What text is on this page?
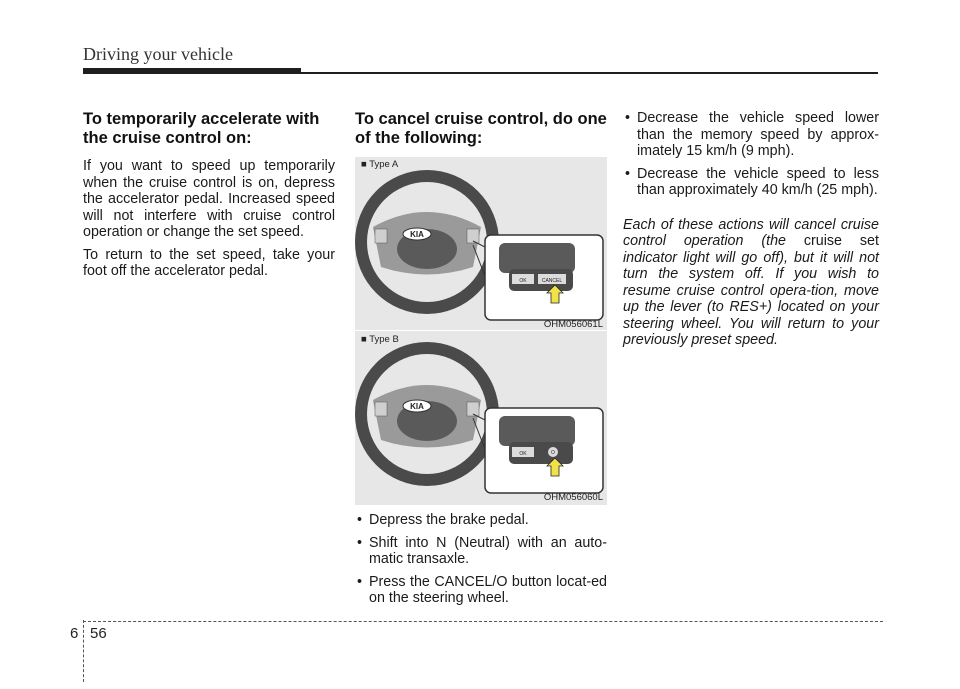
Driving your vehicle
To temporarily accelerate with the cruise control on:

If you want to speed up temporarily when the cruise control is on, depress the accelerator pedal. Increased speed will not interfere with cruise control operation or change the set speed.

To return to the set speed, take your foot off the accelerator pedal.

To cancel cruise control, do one of the following:
KIA
OK	CANCEL
■ Type A
OHM056061L
KIA
OK	O
■ Type B
OHM056060L
• Depress the brake pedal.
• Shift into N (Neutral) with an auto-matic transaxle.
• Press the CANCEL/O button locat-ed on the steering wheel.
• Decrease the vehicle speed lower than the memory speed by approx-imately 15 km/h (9 mph).
• Decrease the vehicle speed to less than approximately 40 km/h (25 mph).

Each of these actions will cancel cruise control operation (the cruise set indicator light will go off), but it will not turn the system off. If you wish to resume cruise control opera-tion, move up the lever (to RES+) located on your steering wheel. You will return to your previously preset speed.

6 56
